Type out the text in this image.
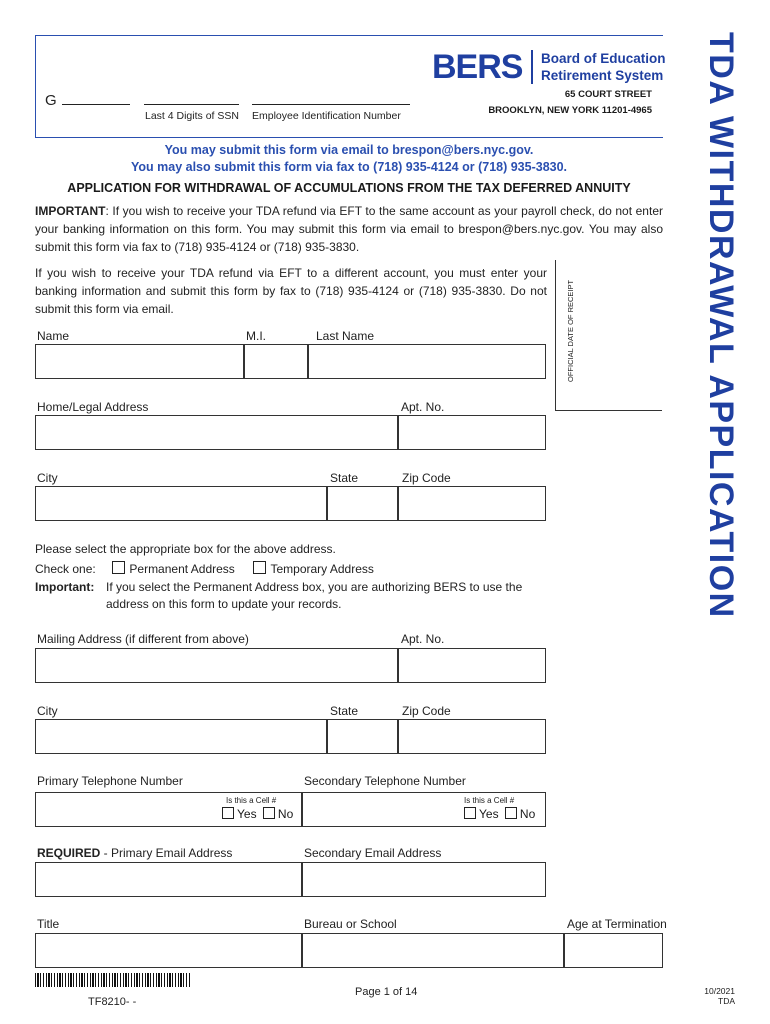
G
Last 4 Digits of SSN Employee Identification Number
BERS Board of Education
Retirement System
65 COURT STREET
BROOKLYN, NEW YORK 11201-4965 TDA WITHDRAWAL APPLICATION
You may submit this form via email to brespon@bers.nyc.gov.
You may also submit this form via fax to (718) 935-4124 or (718) 935-3830.
APPLICATION FOR WITHDRAWAL OF ACCUMULATIONS FROM THE TAX DEFERRED ANNUITY
IMPORTANT: If you wish to receive your TDA refund via EFT to the same account as your payroll check, do not enter your banking information on this form. You may submit this form via email to brespon@bers.nyc.gov. You may also submit this form via fax to (718) 935-4124 or (718) 935-3830.
If you wish to receive your TDA refund via EFT to a different account, you must enter your banking information and submit this form by fax to (718) 935-4124 or (718) 935-3830. Do not submit this form via email.	OFFICIAL DATE OF RECEIPT
Name	M.I.	Last Name
Home/Legal Address	Apt. No.
City	State	Zip Code
Please select the appropriate box for the above address.
Check one:	Permanent Address	Temporary Address
Important: If you select the Permanent Address box, you are authorizing BERS to use the
address on this form to update your records.
Mailing Address (if different from above)	Apt. No.
City	State	Zip Code
Primary Telephone Number	Secondary Telephone Number
Is this a Cell #
Yes No
Is this a Cell #
Yes No
REQUIRED - Primary Email Address	Secondary Email Address
Title	Bureau or School	Age at Termination
TF8210- -
Page 1 of 14	10/2021
TDA
